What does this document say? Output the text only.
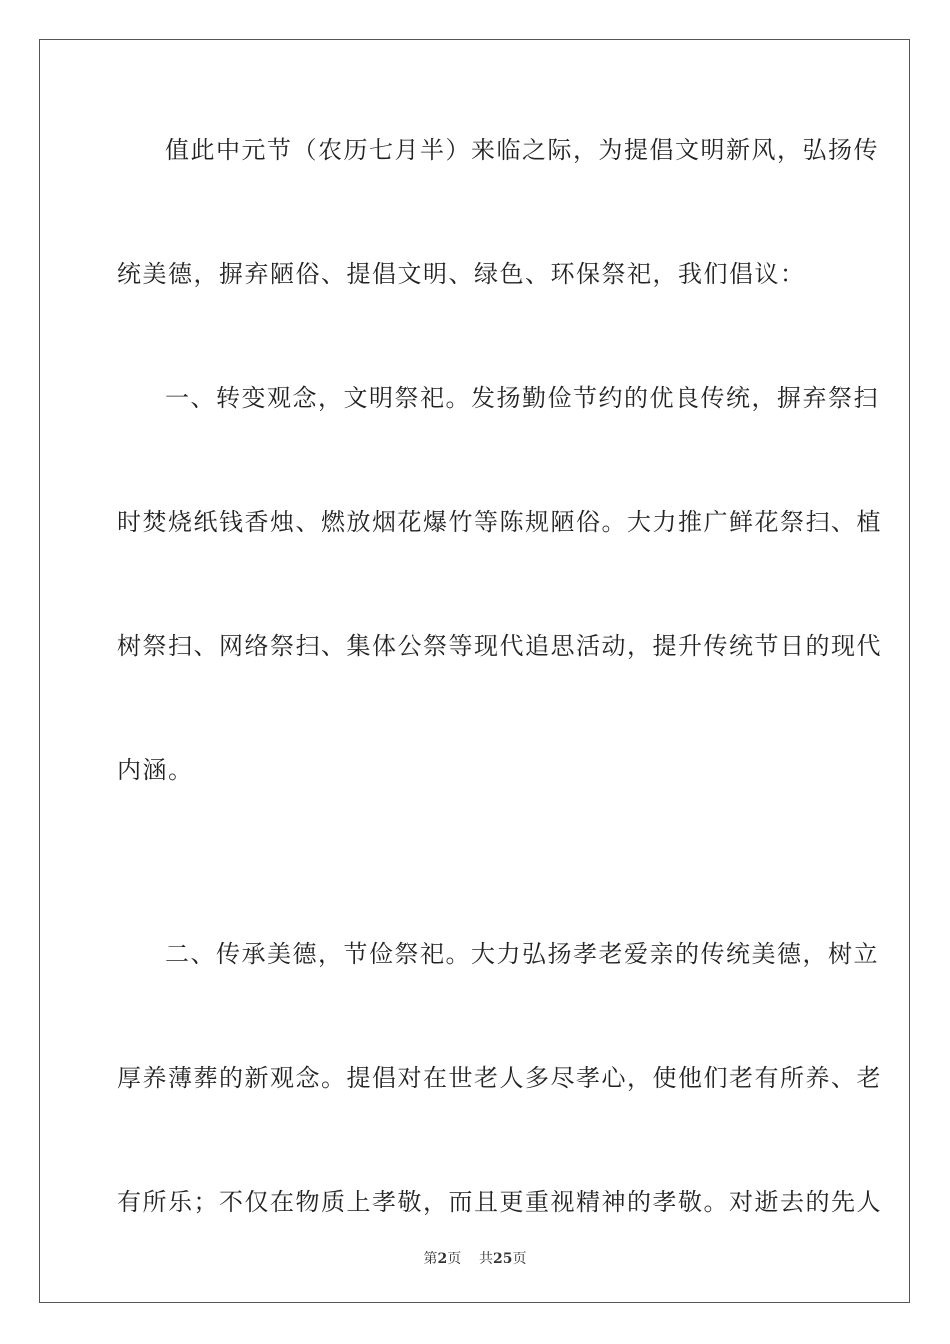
值此中元节（农历七月半）来临之际，为提倡文明新风，弘扬传
统美德，摒弃陋俗、提倡文明、绿色、环保祭祀，我们倡议：
一、转变观念，文明祭祀。发扬勤俭节约的优良传统，摒弃祭扫
时焚烧纸钱香烛、燃放烟花爆竹等陈规陋俗。大力推广鲜花祭扫、植
树祭扫、网络祭扫、集体公祭等现代追思活动，提升传统节日的现代
内涵。
二、传承美德，节俭祭祀。大力弘扬孝老爱亲的传统美德，树立
厚养薄葬的新观念。提倡对在世老人多尽孝心，使他们老有所养、老
有所乐；不仅在物质上孝敬，而且更重视精神的孝敬。对逝去的先人
第2页 共25页
